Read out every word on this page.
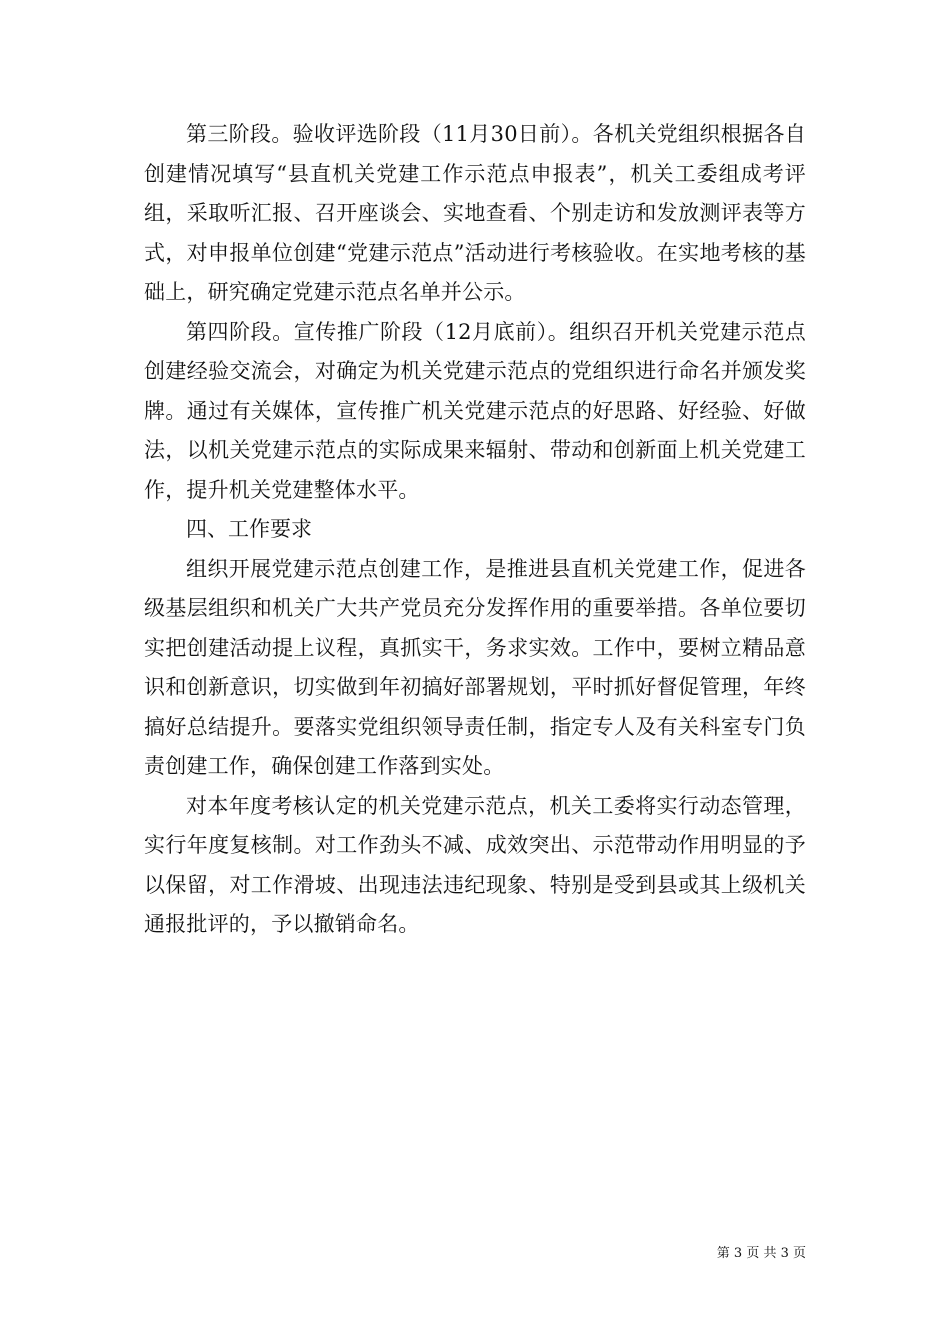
第三阶段。验收评选阶段（11月30日前）。各机关党组织根据各自创建情况填写“县直机关党建工作示范点申报表”，机关工委组成考评组，采取听汇报、召开座谈会、实地查看、个别走访和发放测评表等方式，对申报单位创建“党建示范点”活动进行考核验收。在实地考核的基础上，研究确定党建示范点名单并公示。

第四阶段。宣传推广阶段（12月底前）。组织召开机关党建示范点创建经验交流会，对确定为机关党建示范点的党组织进行命名并颁发奖牌。通过有关媒体，宣传推广机关党建示范点的好思路、好经验、好做法，以机关党建示范点的实际成果来辐射、带动和创新面上机关党建工作，提升机关党建整体水平。

四、工作要求

组织开展党建示范点创建工作，是推进县直机关党建工作，促进各级基层组织和机关广大共产党员充分发挥作用的重要举措。各单位要切实把创建活动提上议程，真抓实干，务求实效。工作中，要树立精品意识和创新意识，切实做到年初搞好部署规划，平时抓好督促管理，年终搞好总结提升。要落实党组织领导责任制，指定专人及有关科室专门负责创建工作，确保创建工作落到实处。

对本年度考核认定的机关党建示范点，机关工委将实行动态管理，实行年度复核制。对工作劲头不减、成效突出、示范带动作用明显的予以保留，对工作滑坡、出现违法违纪现象、特别是受到县或其上级机关通报批评的，予以撤销命名。

第 3 页 共 3 页
